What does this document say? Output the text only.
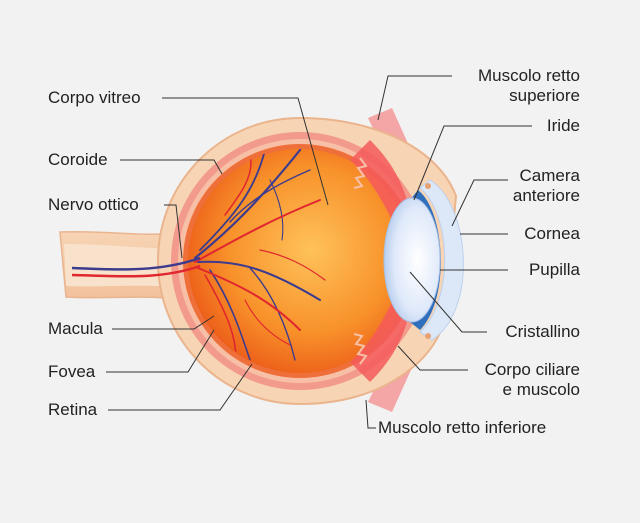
Corpo vitreo
Coroide
Nervo ottico
Macula
Fovea
Retina
Muscolo retto
superiore
Iride
Camera
anteriore
Cornea
Pupilla
Cristallino
Corpo ciliare
e muscolo
Muscolo retto inferiore
